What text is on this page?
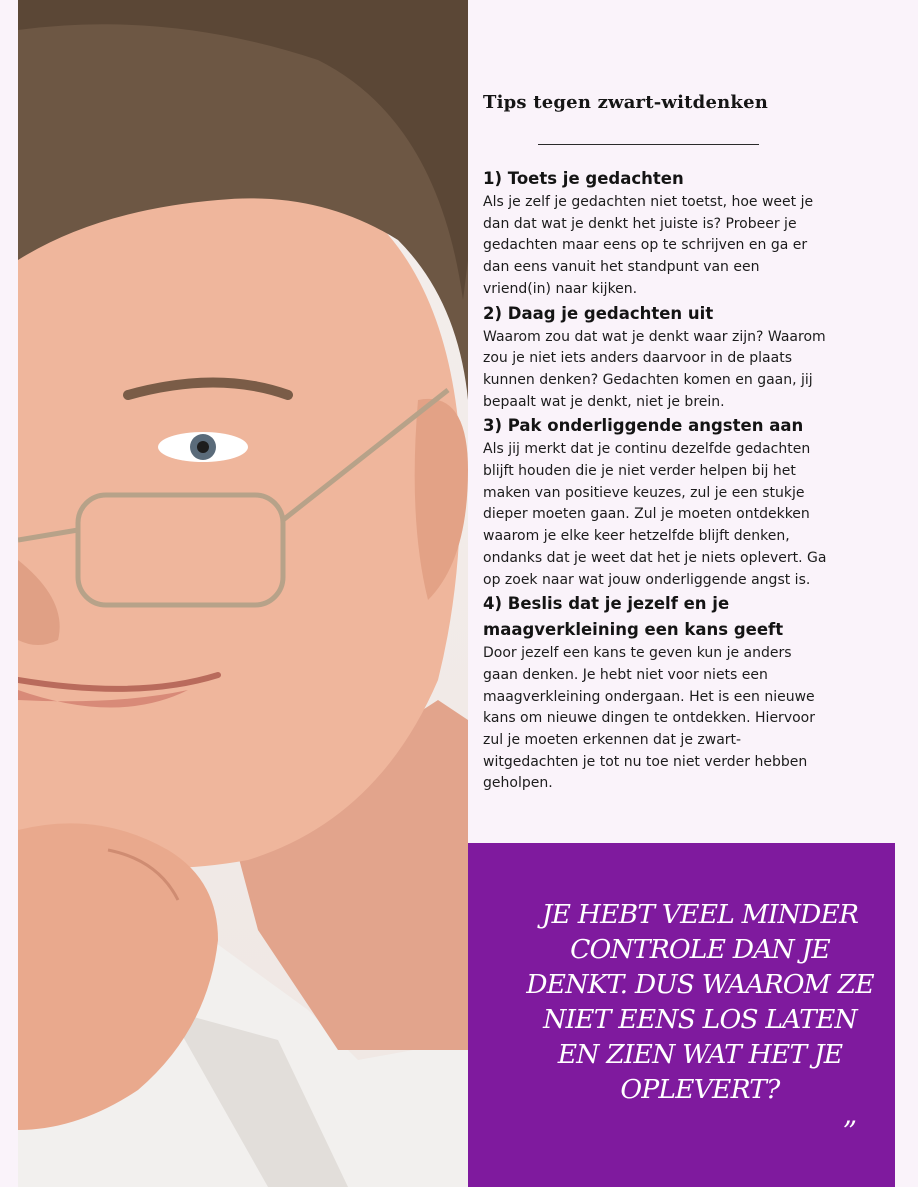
Tips tegen zwart-witdenken
1) Toets je gedachten

Als je zelf je gedachten niet toetst, hoe weet je dan dat wat je denkt het juiste is? Probeer je gedachten maar eens op te schrijven en ga er dan eens vanuit het standpunt van een vriend(in) naar kijken.

2) Daag je gedachten uit

Waarom zou dat wat je denkt waar zijn? Waarom zou je niet iets anders daarvoor in de plaats kunnen denken? Gedachten komen en gaan, jij bepaalt wat je denkt, niet je brein.

3) Pak onderliggende angsten aan

Als jij merkt dat je continu dezelfde gedachten blijft houden die je niet verder helpen bij het maken van positieve keuzes, zul je een stukje dieper moeten gaan. Zul je moeten ontdekken waarom je elke keer hetzelfde blijft denken, ondanks dat je weet dat het je niets oplevert. Ga op zoek naar wat jouw onderliggende angst is.

4) Beslis dat je jezelf en je maagverkleining een kans geeft

Door jezelf een kans te geven kun je anders gaan denken. Je hebt niet voor niets een maagverkleining ondergaan. Het is een nieuwe kans om nieuwe dingen te ontdekken. Hiervoor zul je moeten erkennen dat je zwart-witgedachten je tot nu toe niet verder hebben geholpen.

JE HEBT VEEL MINDER CONTROLE DAN JE DENKT. DUS WAAROM ZE NIET EENS LOS LATEN EN ZIEN WAT HET JE OPLEVERT?
”
